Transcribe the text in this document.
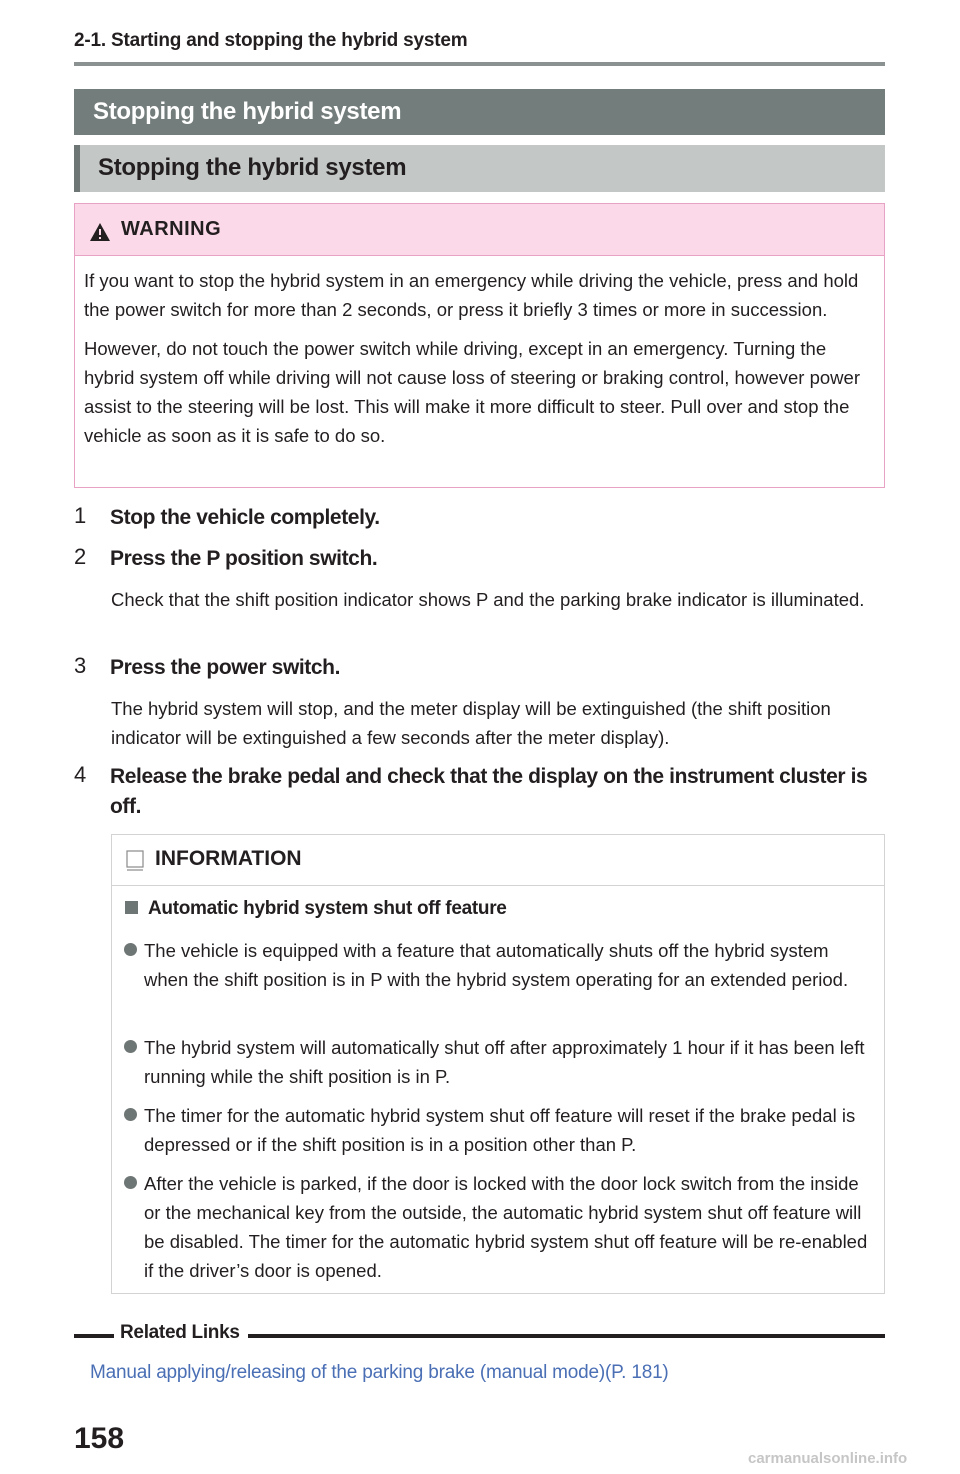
2-1. Starting and stopping the hybrid system
Stopping the hybrid system
Stopping the hybrid system
WARNING

If you want to stop the hybrid system in an emergency while driving the vehicle, press and hold the power switch for more than 2 seconds, or press it briefly 3 times or more in succession.

However, do not touch the power switch while driving, except in an emergency. Turning the hybrid system off while driving will not cause loss of steering or braking control, however power assist to the steering will be lost. This will make it more difficult to steer. Pull over and stop the vehicle as soon as it is safe to do so.

1 Stop the vehicle completely.
2 Press the P position switch.
Check that the shift position indicator shows P and the parking brake indicator is illuminated.
3 Press the power switch.
The hybrid system will stop, and the meter display will be extinguished (the shift position indicator will be extinguished a few seconds after the meter display).
4 Release the brake pedal and check that the display on the instrument cluster is off.
INFORMATION
Automatic hybrid system shut off feature
The vehicle is equipped with a feature that automatically shuts off the hybrid system when the shift position is in P with the hybrid system operating for an extended period.
The hybrid system will automatically shut off after approximately 1 hour if it has been left running while the shift position is in P.
The timer for the automatic hybrid system shut off feature will reset if the brake pedal is depressed or if the shift position is in a position other than P.
After the vehicle is parked, if the door is locked with the door lock switch from the inside or the mechanical key from the outside, the automatic hybrid system shut off feature will be disabled. The timer for the automatic hybrid system shut off feature will be re-enabled if the driver’s door is opened.
Related Links
Manual applying/releasing of the parking brake (manual mode)(P. 181)
158
carmanualsonline.info
